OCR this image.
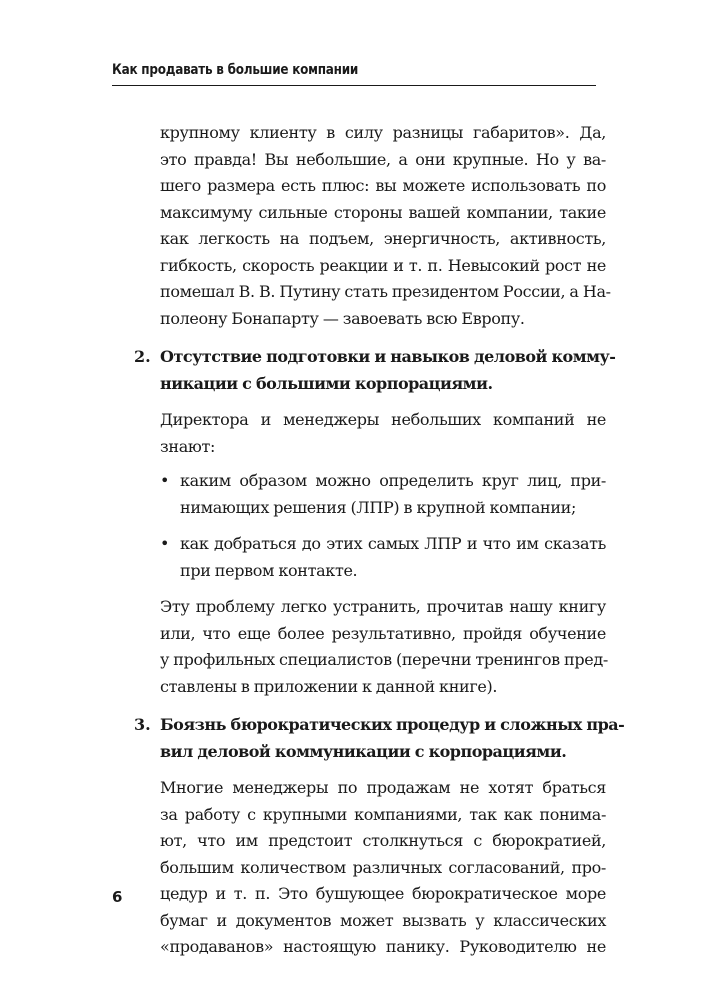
Как продавать в большие компании
крупному клиенту в силу разницы габаритов». Да,
это правда! Вы небольшие, а они крупные. Но у ва-
шего размера есть плюс: вы можете использовать по
максимуму сильные стороны вашей компании, такие
как легкость на подъем, энергичность, активность,
гибкость, скорость реакции и т. п. Невысокий рост не
помешал В. В. Путину стать президентом России, а На-
полеону Бонапарту — завоевать всю Европу.
2. Отсутствие подготовки и навыков деловой комму-
никации с большими корпорациями.
Директора и менеджеры небольших компаний не
знают:
• каким образом можно определить круг лиц, при-
нимающих решения (ЛПР) в крупной компании;
• как добраться до этих самых ЛПР и что им сказать
при первом контакте.
Эту проблему легко устранить, прочитав нашу книгу
или, что еще более результативно, пройдя обучение
у профильных специалистов (перечни тренингов пред-
ставлены в приложении к данной книге).
3. Боязнь бюрократических процедур и сложных пра-
вил деловой коммуникации с корпорациями.
Многие менеджеры по продажам не хотят браться
за работу с крупными компаниями, так как понима-
ют, что им предстоит столкнуться с бюрократией,
большим количеством различных согласований, про-
цедур и т. п. Это бушующее бюрократическое море
бумаг и документов может вызвать у классических
«продаванов» настоящую панику. Руководителю не
6
